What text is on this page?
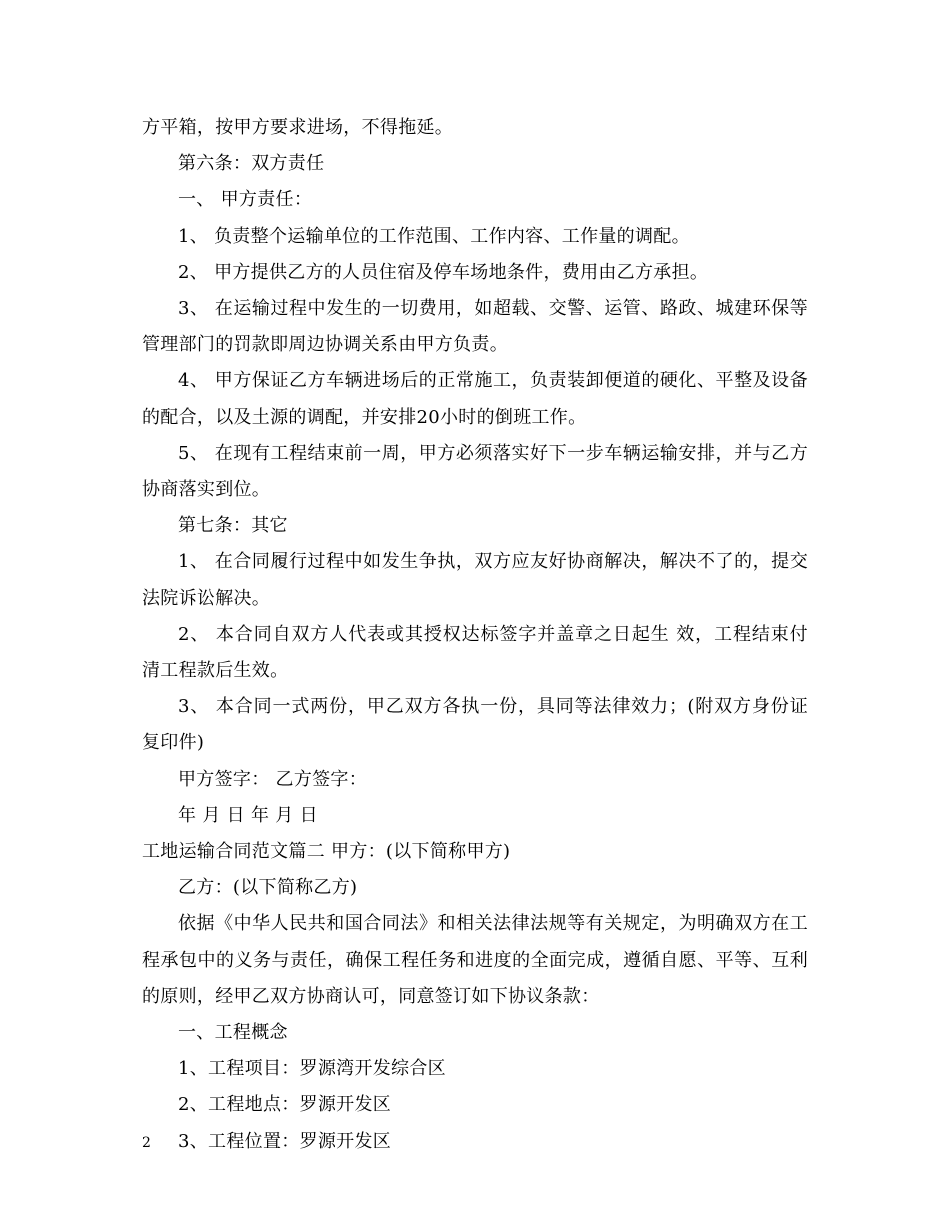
2
方平箱，按甲方要求进场，不得拖延。
第六条：双方责任
一、 甲方责任：
1、 负责整个运输单位的工作范围、工作内容、工作量的调配。
2、 甲方提供乙方的人员住宿及停车场地条件，费用由乙方承担。
3、 在运输过程中发生的一切费用，如超载、交警、运管、路政、城建环保等
管理部门的罚款即周边协调关系由甲方负责。
4、 甲方保证乙方车辆进场后的正常施工，负责装卸便道的硬化、平整及设备
的配合，以及土源的调配，并安排20小时的倒班工作。
5、 在现有工程结束前一周，甲方必须落实好下一步车辆运输安排，并与乙方
协商落实到位。
第七条：其它
1、 在合同履行过程中如发生争执，双方应友好协商解决，解决不了的，提交
法院诉讼解决。
2、 本合同自双方人代表或其授权达标签字并盖章之日起生 效，工程结束付
清工程款后生效。
3、 本合同一式两份，甲乙双方各执一份，具同等法律效力；(附双方身份证
复印件)
甲方签字： 乙方签字：
年 月 日 年 月 日
工地运输合同范文篇二 甲方：(以下简称甲方)
乙方：(以下简称乙方)
依据《中华人民共和国合同法》和相关法律法规等有关规定，为明确双方在工
程承包中的义务与责任，确保工程任务和进度的全面完成，遵循自愿、平等、互利
的原则，经甲乙双方协商认可，同意签订如下协议条款：
一、工程概念
1、工程项目：罗源湾开发综合区
2、工程地点：罗源开发区
3、工程位置：罗源开发区
